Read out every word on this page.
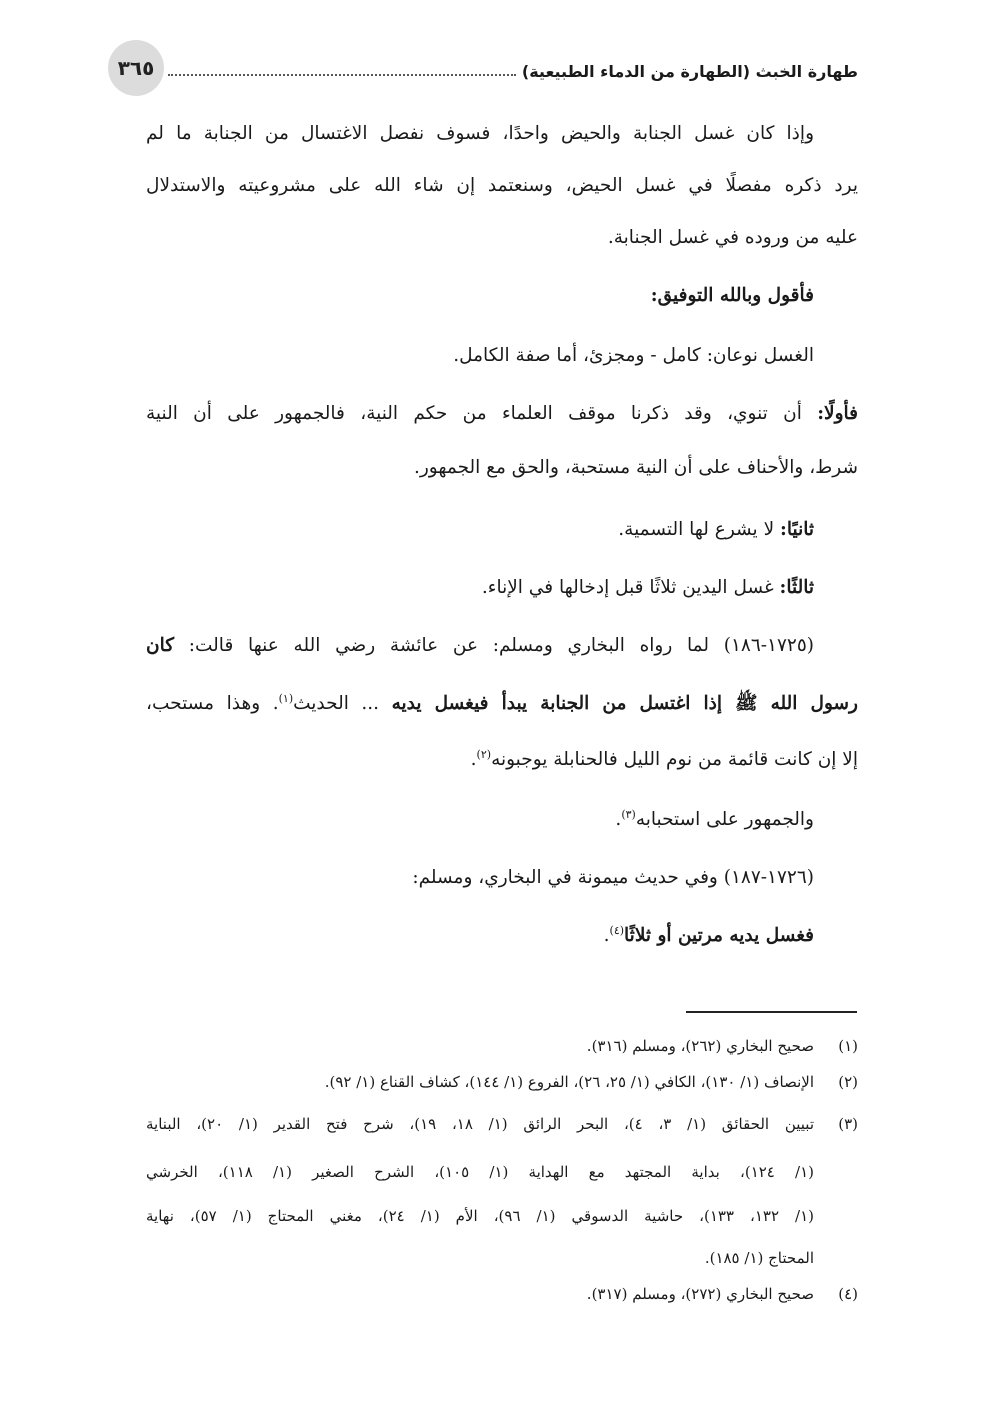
٣٦٥	طهارة الخبث (الطهارة من الدماء الطبيعية)
وإذا كان غسل الجنابة والحيض واحدًا، فسوف نفصل الاغتسال من الجنابة ما لم
يرد ذكره مفصلًا في غسل الحيض، وسنعتمد إن شاء الله على مشروعيته والاستدلال
عليه من وروده في غسل الجنابة.
فأقول وبالله التوفيق:
الغسل نوعان: كامل - ومجزئ، أما صفة الكامل.
فأولًا: أن تنوي، وقد ذكرنا موقف العلماء من حكم النية، فالجمهور على أن النية
شرط، والأحناف على أن النية مستحبة، والحق مع الجمهور.
ثانيًا: لا يشرع لها التسمية.
ثالثًا: غسل اليدين ثلاثًا قبل إدخالها في الإناء.
(١٧٢٥-١٨٦) لما رواه البخاري ومسلم: عن عائشة رضي الله عنها قالت: كان
رسول الله ﷺ إذا اغتسل من الجنابة يبدأ فيغسل يديه ... الحديث$^{(١)}$. وهذا مستحب،
إلا إن كانت قائمة من نوم الليل فالحنابلة يوجبونه$^{(٢)}$.
والجمهور على استحبابه$^{(٣)}$.
(١٧٢٦-١٨٧) وفي حديث ميمونة في البخاري، ومسلم:
فغسل يديه مرتين أو ثلاثًا$^{(٤)}$.
(١)صحيح البخاري (٢٦٢)، ومسلم (٣١٦).
(٢)الإنصاف (١/ ١٣٠)، الكافي (١/ ٢٥، ٢٦)، الفروع (١/ ١٤٤)، كشاف القناع (١/ ٩٢).
(٣)تبيين الحقائق (١/ ٣، ٤)، البحر الرائق (١/ ١٨، ١٩)، شرح فتح القدير (١/ ٢٠)، البناية
(١/ ١٢٤)، بداية المجتهد مع الهداية (١/ ١٠٥)، الشرح الصغير (١/ ١١٨)، الخرشي
(١/ ١٣٢، ١٣٣)، حاشية الدسوقي (١/ ٩٦)، الأم (١/ ٢٤)، مغني المحتاج (١/ ٥٧)، نهاية
المحتاج (١/ ١٨٥).
(٤)صحيح البخاري (٢٧٢)، ومسلم (٣١٧).
